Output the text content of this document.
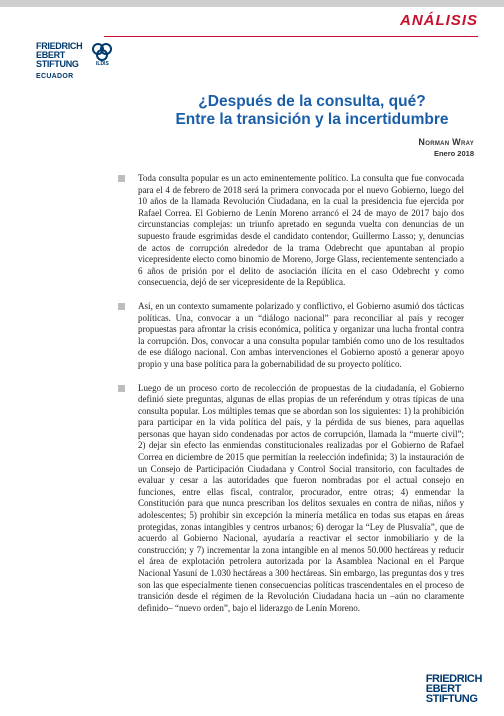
ANÁLISIS
FRIEDRICH
EBERT
STIFTUNG	ILDIS
ECUADOR
¿Después de la consulta, qué?
Entre la transición y la incertidumbre
Norman Wray
Enero 2018

Toda consulta popular es un acto eminentemente político. La consulta que fue convocada para el 4 de febrero de 2018 será la primera convocada por el nuevo Gobierno, luego del 10 años de la llamada Revolución Ciudadana, en la cual la presidencia fue ejercida por Rafael Correa. El Gobierno de Lenín Moreno arrancó el 24 de mayo de 2017 bajo dos circunstancias complejas: un triunfo apretado en segunda vuelta con denuncias de un supuesto fraude esgrimidas desde el candidato contendor, Guillermo Lasso; y, denuncias de actos de corrupción alrededor de la trama Odebrecht que apuntaban al propio vicepresidente electo como binomio de Moreno, Jorge Glass, recientemente sentenciado a 6 años de prisión por el delito de asociación ilícita en el caso Odebrecht y como consecuencia, dejó de ser vicepresidente de la República.

Así, en un contexto sumamente polarizado y conflictivo, el Gobierno asumió dos tácticas políticas. Una, convocar a un “diálogo nacional” para reconciliar al país y recoger propuestas para afrontar la crisis económica, política y organizar una lucha frontal contra la corrupción. Dos, convocar a una consulta popular también como uno de los resultados de ese diálogo nacional. Con ambas intervenciones el Gobierno apostó a generar apoyo propio y una base política para la gobernabilidad de su proyecto político.

Luego de un proceso corto de recolección de propuestas de la ciudadanía, el Gobierno definió siete preguntas, algunas de ellas propias de un referéndum y otras típicas de una consulta popular. Los múltiples temas que se abordan son los siguientes: 1) la prohibición para participar en la vida política del país, y la pérdida de sus bienes, para aquellas personas que hayan sido condenadas por actos de corrupción, llamada la “muerte civil”; 2) dejar sin efecto las enmiendas constitucionales realizadas por el Gobierno de Rafael Correa en diciembre de 2015 que permitían la reelección indefinida; 3) la instauración de un Consejo de Participación Ciudadana y Control Social transitorio, con facultades de evaluar y cesar a las autoridades que fueron nombradas por el actual consejo en funciones, entre ellas fiscal, contralor, procurador, entre otras; 4) enmendar la Constitución para que nunca prescriban los delitos sexuales en contra de niñas, niños y adolescentes; 5) prohibir sin excepción la minería metálica en todas sus etapas en áreas protegidas, zonas intangibles y centros urbanos; 6) derogar la “Ley de Plusvalía”, que de acuerdo al Gobierno Nacional, ayudaría a reactivar el sector inmobiliario y de la construcción; y 7) incrementar la zona intangible en al menos 50.000 hectáreas y reducir el área de explotación petrolera autorizada por la Asamblea Nacional en el Parque Nacional Yasuní de 1.030 hectáreas a 300 hectáreas. Sin embargo, las preguntas dos y tres son las que especialmente tienen consecuencias políticas trascendentales en el proceso de transición desde el régimen de la Revolución Ciudadana hacia un –aún no claramente definido– “nuevo orden”, bajo el liderazgo de Lenín Moreno.

FRIEDRICH
EBERT
STIFTUNG
